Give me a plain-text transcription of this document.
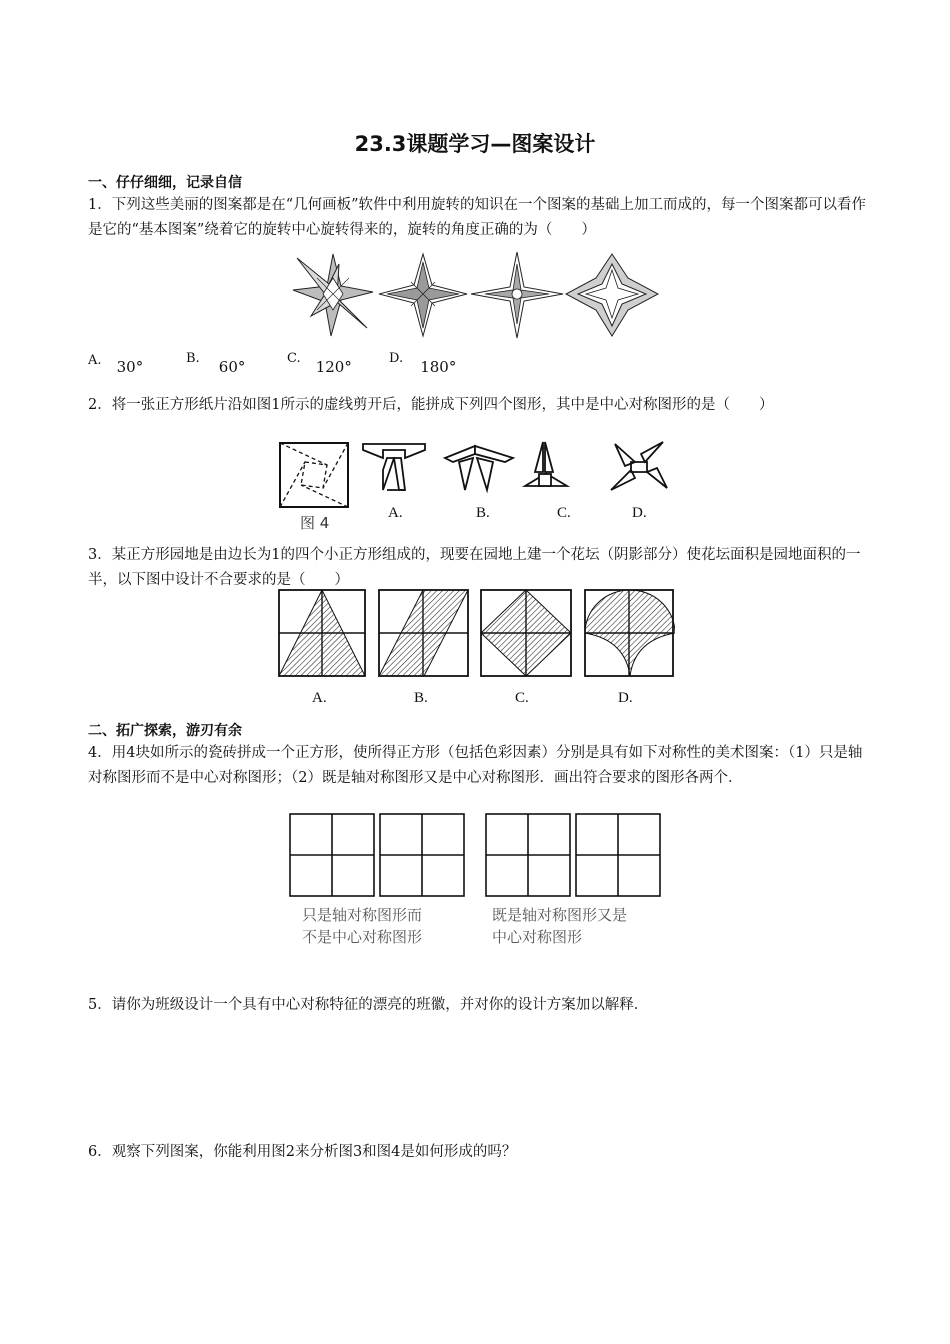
23.3课题学习—图案设计
一、仔仔细细，记录自信
1．下列这些美丽的图案都是在“几何画板”软件中利用旋转的知识在一个图案的基础上加工而成的，每一个图案都可以看作是它的“基本图案”绕着它的旋转中心旋转得来的，旋转的角度正确的为（　　）
A. 30°	B. 60°	C. 120°	D. 180°
2．将一张正方形纸片沿如图1所示的虚线剪开后，能拼成下列四个图形，其中是中心对称图形的是（　　）
图 4
A.	B.	C.	D.
3．某正方形园地是由边长为1的四个小正方形组成的，现要在园地上建一个花坛（阴影部分）使花坛面积是园地面积的一半，以下图中设计不合要求的是（　　）
A.	B.	C.	D.
二、拓广探索，游刃有余
4．用4块如所示的瓷砖拼成一个正方形，使所得正方形（包括色彩因素）分别是具有如下对称性的美术图案：（1）只是轴对称图形而不是中心对称图形；（2）既是轴对称图形又是中心对称图形．画出符合要求的图形各两个．
只是轴对称图形而
不是中心对称图形
既是轴对称图形又是
中心对称图形
5．请你为班级设计一个具有中心对称特征的漂亮的班徽，并对你的设计方案加以解释．
6．观察下列图案，你能利用图2来分析图3和图4是如何形成的吗？
